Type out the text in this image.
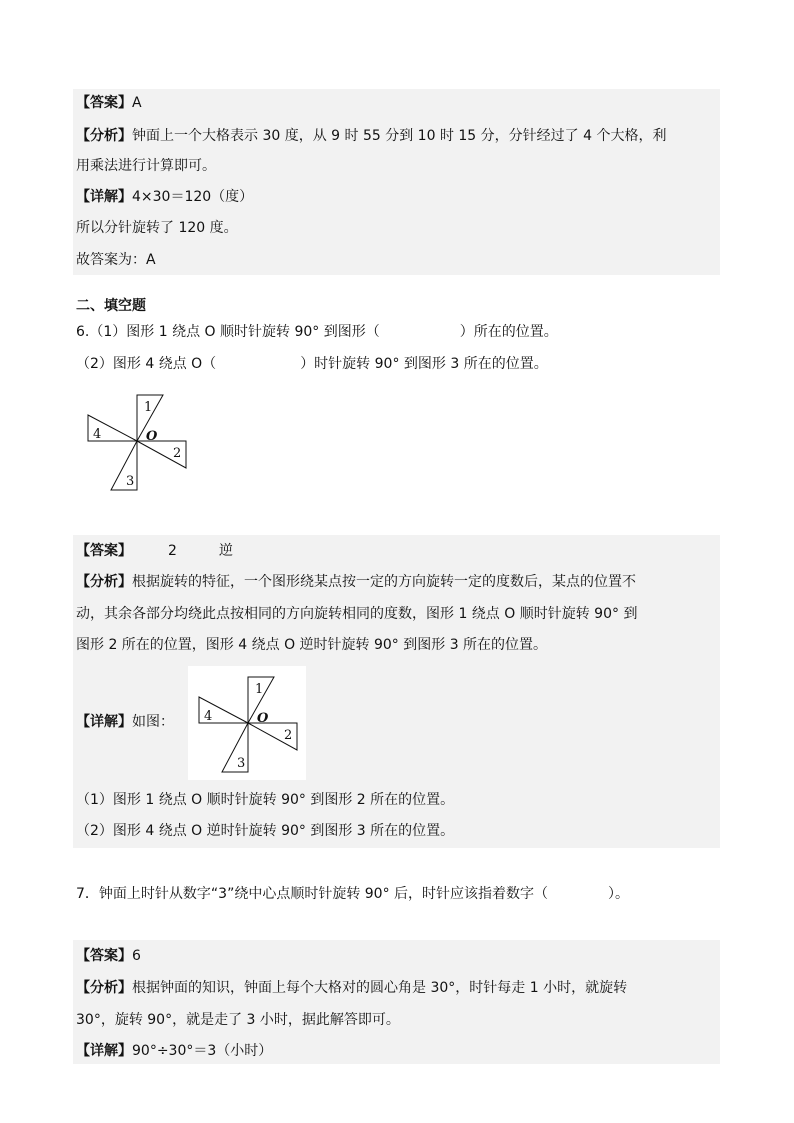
【答案】A
【分析】钟面上一个大格表示 30 度，从 9 时 55 分到 10 时 15 分，分针经过了 4 个大格，利
用乘法进行计算即可。
【详解】4×30＝120（度）
所以分针旋转了 120 度。
故答案为：A
二、填空题
6.（1）图形 1 绕点 O 顺时针旋转 90° 到图形（	）所在的位置。
（2）图形 4 绕点 O（	）时针旋转 90° 到图形 3 所在的位置。
1
2
3
4	O
【答案】	2	逆
【分析】根据旋转的特征，一个图形绕某点按一定的方向旋转一定的度数后，某点的位置不
动，其余各部分均绕此点按相同的方向旋转相同的度数，图形 1 绕点 O 顺时针旋转 90° 到
图形 2 所在的位置，图形 4 绕点 O 逆时针旋转 90° 到图形 3 所在的位置。
【详解】如图：
1
2
3
4	O
（1）图形 1 绕点 O 顺时针旋转 90° 到图形 2 所在的位置。
（2）图形 4 绕点 O 逆时针旋转 90° 到图形 3 所在的位置。
7．钟面上时针从数字“3”绕中心点顺时针旋转 90° 后，时针应该指着数字（	）。
【答案】6
【分析】根据钟面的知识，钟面上每个大格对的圆心角是 30°，时针每走 1 小时，就旋转
30°，旋转 90°，就是走了 3 小时，据此解答即可。
【详解】90°÷30°＝3（小时）
